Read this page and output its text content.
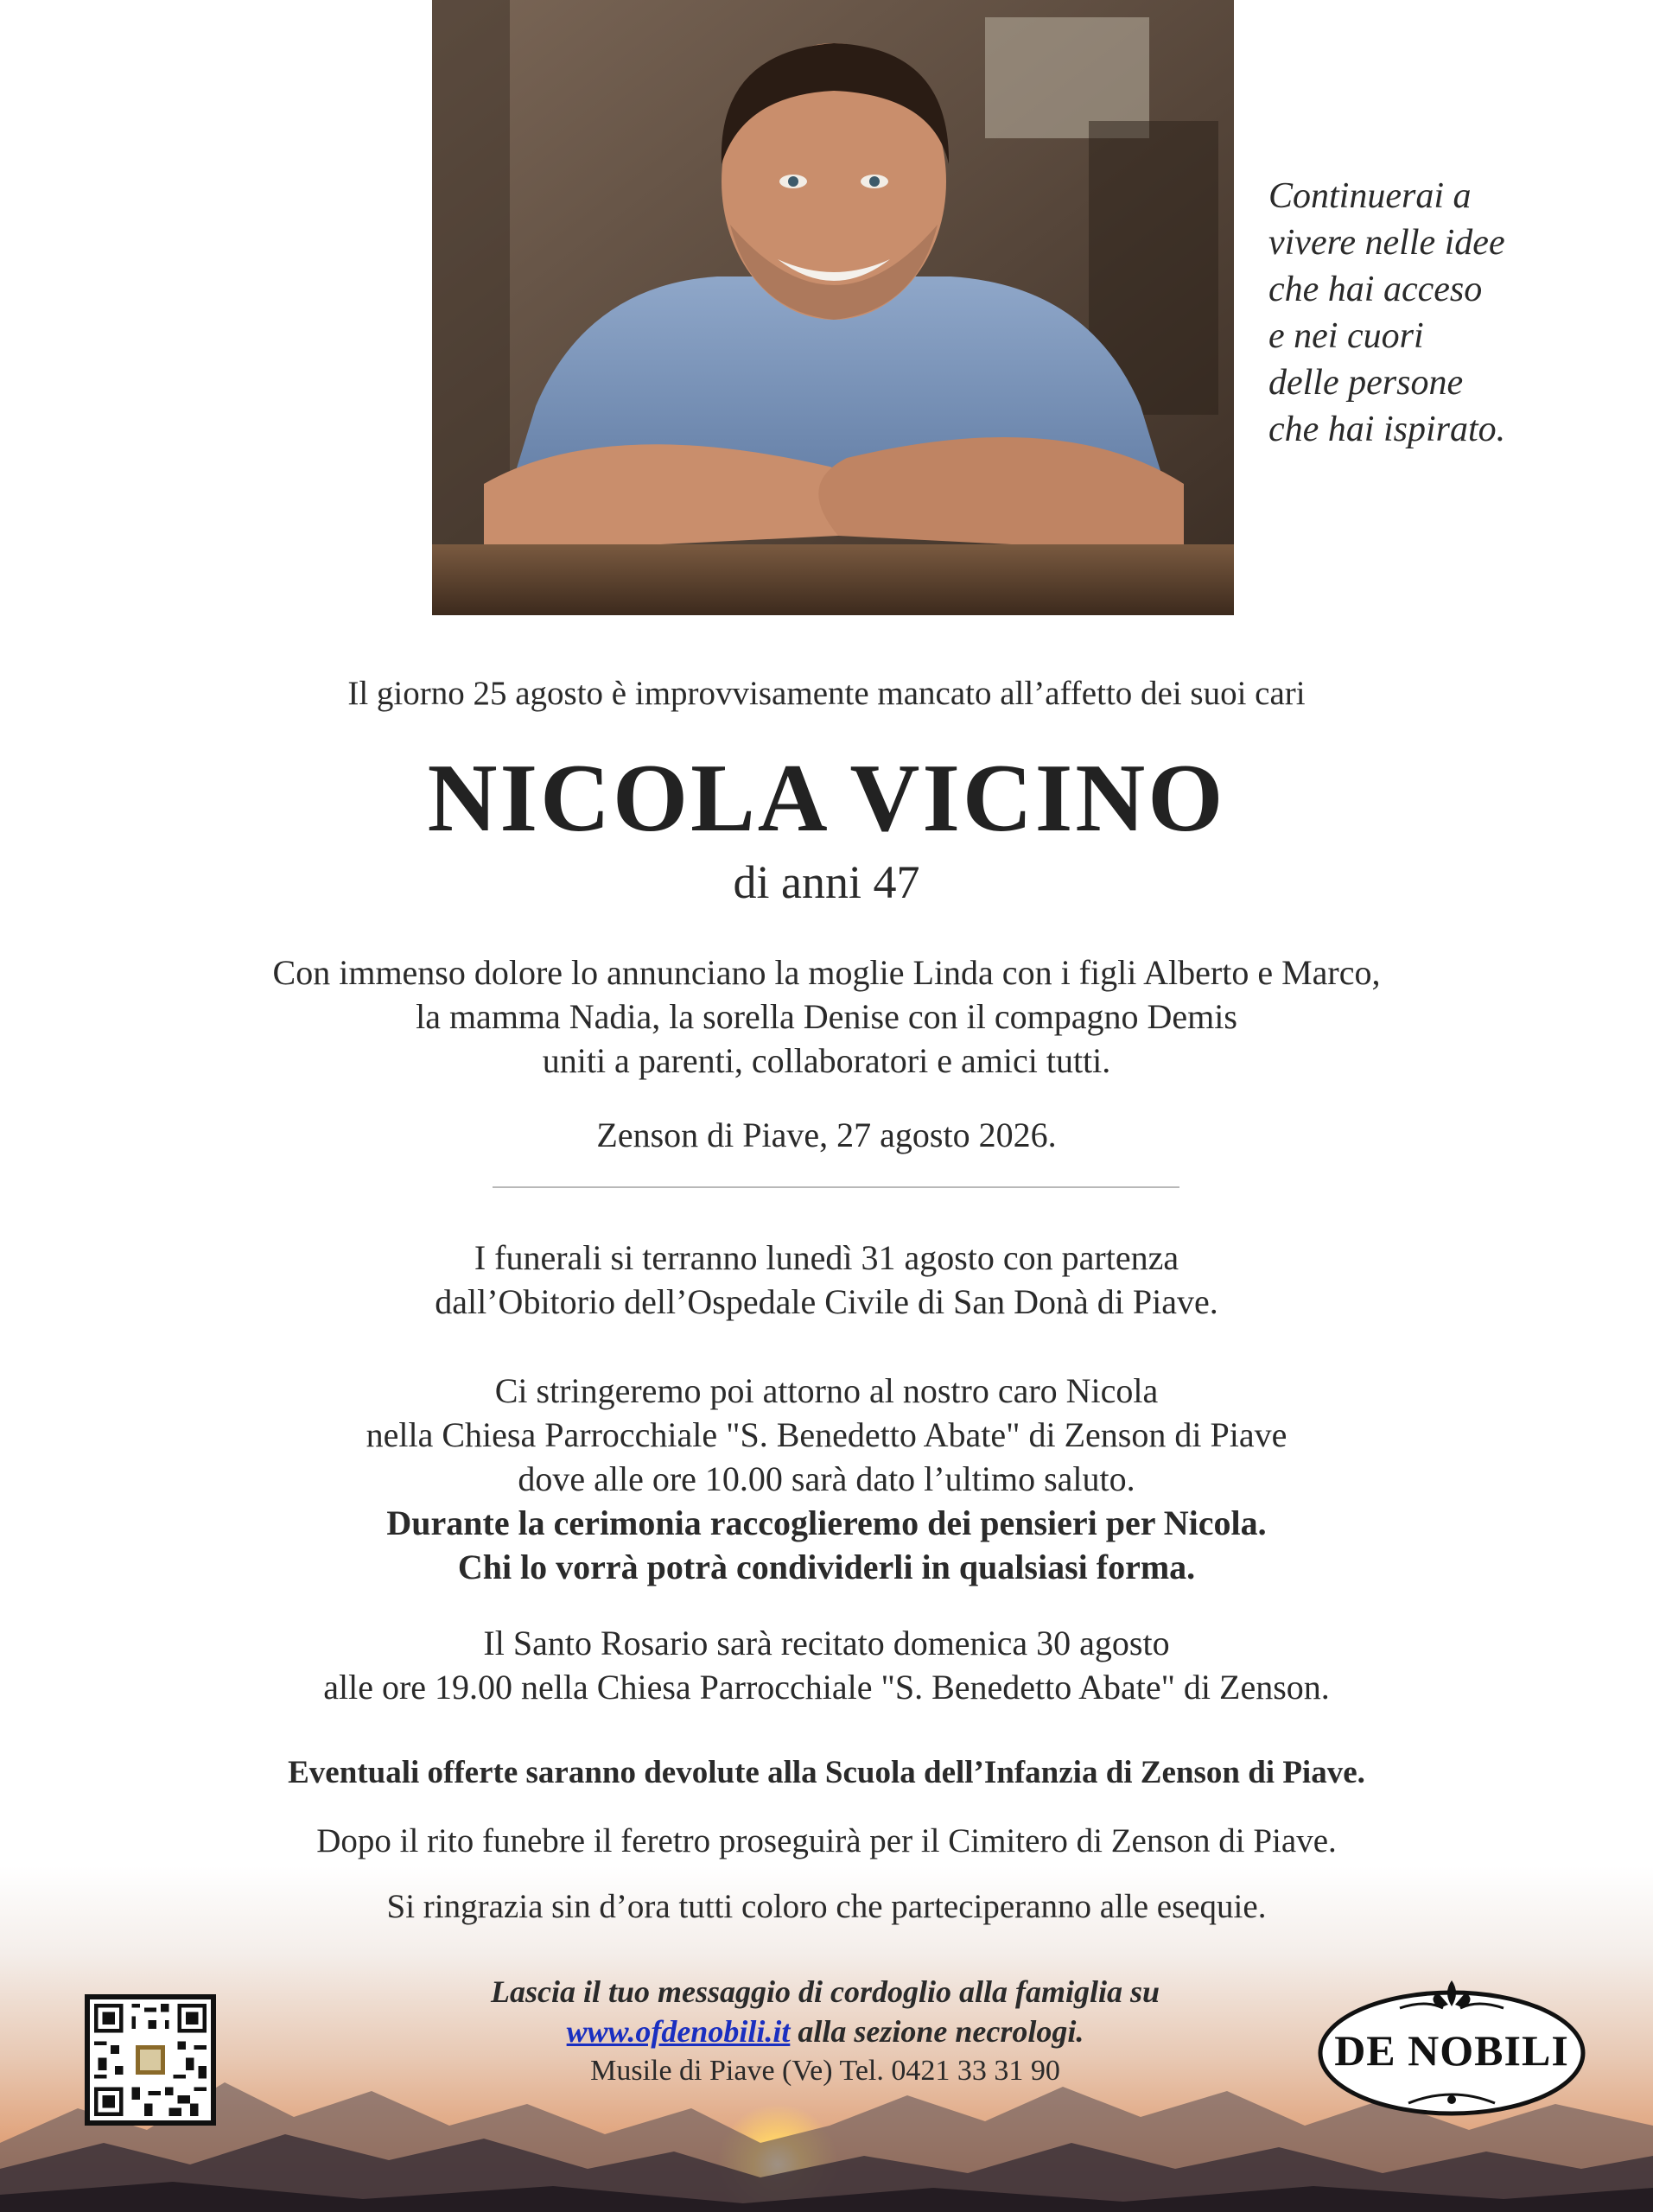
Continuerai a
vivere nelle idee
che hai acceso
e nei cuori
delle persone
che hai ispirato.
Il giorno 25 agosto è improvvisamente mancato all’affetto dei suoi cari
NICOLA VICINO
di anni 47
Con immenso dolore lo annunciano la moglie Linda con i figli Alberto e Marco,
la mamma Nadia, la sorella Denise con il compagno Demis
uniti a parenti, collaboratori e amici tutti.
Zenson di Piave, 27 agosto 2026.
I funerali si terranno lunedì 31 agosto con partenza
dall’Obitorio dell’Ospedale Civile di San Donà di Piave.
Ci stringeremo poi attorno al nostro caro Nicola
nella Chiesa Parrocchiale "S. Benedetto Abate" di Zenson di Piave
dove alle ore 10.00 sarà dato l’ultimo saluto.
Durante la cerimonia raccoglieremo dei pensieri per Nicola.
Chi lo vorrà potrà condividerli in qualsiasi forma.
Il Santo Rosario sarà recitato domenica 30 agosto
alle ore 19.00 nella Chiesa Parrocchiale "S. Benedetto Abate" di Zenson.
Eventuali offerte saranno devolute alla Scuola dell’Infanzia di Zenson di Piave.
Dopo il rito funebre il feretro proseguirà per il Cimitero di Zenson di Piave.
Si ringrazia sin d’ora tutti coloro che parteciperanno alle esequie.
Lascia il tuo messaggio di cordoglio alla famiglia su
www.ofdenobili.it alla sezione necrologi.
Musile di Piave (Ve) Tel. 0421 33 31 90	DE NOBILI
